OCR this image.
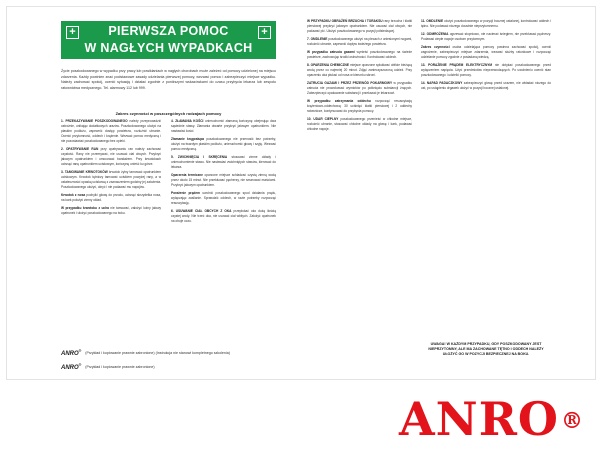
+	PIERWSZA POMOC
W NAGŁYCH WYPADKACH
+
Życie poszkodowanego w wypadku przy pracy lub powikłaniach w nagłych chorobach może zależeć od pomocy udzielonej na miejscu zdarzenia. Każdy powinien znać podstawowe zasady udzielania pierwszej pomocy, wezwać pomoc i zabezpieczyć miejsce wypadku. Należy zachować spokój, ocenić sytuację i działać zgodnie z poniższymi wskazówkami do czasu przybycia lekarza lub zespołu ratownictwa medycznego. Tel. alarmowy 112 lub 999.
Zakres czynności w poszczególnych rodzajach pomocy
1. PRZEKAZYWANIE POSZKODOWANEGO należy przeprowadzić ostrożnie, unikając dodatkowych urazów. Poszkodowanego ułożyć na płaskim podłożu, zapewnić dostęp powietrza, rozluźnić ubranie. Ocenić przytomność, oddech i krążenie. Wezwać pomoc medyczną i nie pozostawiać poszkodowanego bez opieki.
2. OPATRYWANIE RAN przy opatrywaniu ran należy zachować czystość. Rany nie przemywać, nie usuwać ciał obcych. Przykryć jałowym opatrunkiem i umocować bandażem. Przy krwotokach ucisnąć ranę opatrunkiem uciskowym, kończynę unieść ku górze.
3. TAMOWANIE KRWOTOKÓW krwotok żylny tamować opatrunkiem uciskowym. Krwotok tętniczy tamować uciskiem powyżej rany, a w ostateczności opaską uciskową z zaznaczeniem godziny jej założenia. Poszkodowanego ułożyć, okryć i nie podawać mu napojów.
Krwotok z nosa pochylić głowę do przodu, ucisnąć skrzydełka nosa, na kark położyć zimny okład.
W przypadku krwotoku z ucha nie tamować, założyć luźny jałowy opatrunek i ułożyć poszkodowanego na boku.
4. ZŁAMANIA KOŚCI unieruchomić złamaną kończynę obejmując dwa sąsiednie stawy. Złamania otwarte przykryć jałowym opatrunkiem. Nie nastawiać kości.
Złamanie kręgosłupa poszkodowanego nie przenosić bez potrzeby, ułożyć na twardym płaskim podłożu, unieruchomić głowę i szyję. Wezwać pomoc medyczną.
5. ZWICHNIĘCIA I SKRĘCENIA stosować zimne okłady i unieruchomienie stawu. Nie nastawiać zwichniętych stawów, kierować do lekarza.
Oparzenia termiczne oparzone miejsce schładzać czystą zimną wodą przez około 15 minut. Nie przekłuwać pęcherzy, nie smarować maściami. Przykryć jałowym opatrunkiem.
Porażenie prądem uwolnić poszkodowanego spod działania prądu, wyłączając zasilanie. Sprawdzić oddech, w razie potrzeby rozpocząć resuscytację.
6. USUWANIE CIAŁ OBCYCH Z OKA przepłukać oko dużą ilością czystej wody. Nie trzeć oka, nie usuwać ciał wbitych. Założyć opatrunek na oboje oczu.
W PRZYPADKU OBRAŻEŃ BRZUCHA I TORAKSU rany brzucha i klatki piersiowej przykryć jałowym opatrunkiem. Nie usuwać ciał obcych, nie podawać pić. Ułożyć poszkodowanego w pozycji półsiedzącej.
7. OMDLENIE poszkodowanego ułożyć na plecach z uniesionymi nogami, rozluźnić ubranie, zapewnić dopływ świeżego powietrza.
W przypadku zatrucia gazami wynieść poszkodowanego na świeże powietrze, zachowując środki ostrożności. Kontrolować oddech.
8. OPARZENIA CHEMICZNE miejsce oparzone spłukiwać obficie bieżącą wodą przez co najmniej 20 minut. Zdjąć zanieczyszczoną odzież. Przy oparzeniu oka płukać od nosa w kierunku skroni.
ZATRUCIA GAZAMI I PRZEZ PRZEWÓD POKARMOWY w przypadku zatrucia nie prowokować wymiotów po połknięciu substancji żrących. Zabezpieczyć opakowanie substancji i przekazać je lekarzowi.
W przypadku zatrzymania oddechu rozpocząć resuscytację krążeniowo-oddechową: 30 uciśnięć klatki piersiowej i 2 oddechy ratownicze, kontynuować do przybycia pomocy.
10. UDAR CIEPLNY poszkodowanego przenieść w chłodne miejsce, rozluźnić ubranie, stosować chłodne okłady na głowę i kark, podawać chłodne napoje.
11. OMDLENIE ułożyć poszkodowanego w pozycji bocznej ustalonej, kontrolować oddech i tętno. Nie podawać niczego doustnie nieprzytomnemu.
12. ODMROŻENIA ogrzewać stopniowo, nie nacierać śniegiem, nie przekłuwać pęcherzy. Podawać ciepłe napoje osobom przytomnym.
Zakres czynności osoba udzielająca pomocy powinna zachować spokój, ocenić zagrożenie, zabezpieczyć miejsce zdarzenia, wezwać służby ratunkowe i rozpocząć udzielanie pomocy zgodnie z posiadaną wiedzą.
13. PORAŻENIE PRĄDEM ELEKTRYCZNYM nie dotykać poszkodowanego przed wyłączeniem napięcia. Użyć przedmiotów nieprzewodzących. Po uwolnieniu ocenić stan poszkodowanego i udzielić pomocy.
14. NAPAD PADACZKOWY zabezpieczyć głowę przed urazem, nie wkładać niczego do ust, po ustąpieniu drgawek ułożyć w pozycji bocznej ustalonej.
UWAGA! W KAŻDYM PRZYPADKU, GDY POSZKODOWANY JEST NIEPRZYTOMNY, ALE MA ZACHOWANE TĘTNO I ODDECH NALEŻY UŁOŻYĆ GO W POZYCJI BEZPIECZNEJ NA BOKU.
ANRO® (Przykład i kopiowanie prawnie zabronione) (Instrukcja nie stanowi kompletnego szkolenia)
ANRO® (Przykład i kopiowanie prawnie zabronione)
ANRO®
